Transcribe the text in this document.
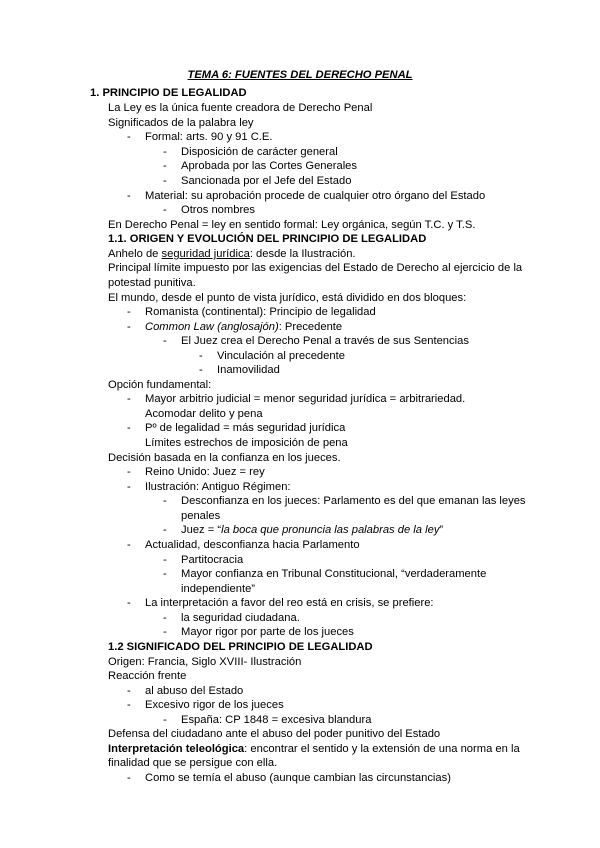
TEMA 6: FUENTES DEL DERECHO PENAL
1. PRINCIPIO DE LEGALIDAD
La Ley es la única fuente creadora de Derecho Penal
Significados de la palabra ley
- Formal: arts. 90 y 91 C.E.
- Disposición de carácter general
- Aprobada por las Cortes Generales
- Sancionada por el Jefe del Estado
- Material: su aprobación procede de cualquier otro órgano del Estado
- Otros nombres
En Derecho Penal = ley en sentido formal: Ley orgánica, según T.C. y T.S.
1.1. ORIGEN Y EVOLUCIÓN DEL PRINCIPIO DE LEGALIDAD
Anhelo de seguridad jurídica: desde la Ilustración.
Principal límite impuesto por las exigencias del Estado de Derecho al ejercicio de la
potestad punitiva.
El mundo, desde el punto de vista jurídico, está dividido en dos bloques:
- Romanista (continental): Principio de legalidad
- Common Law (anglosajón): Precedente
- El Juez crea el Derecho Penal a través de sus Sentencias
- Vinculación al precedente
- Inamovilidad
Opción fundamental:
- Mayor arbitrio judicial = menor seguridad jurídica = arbitrariedad.
Acomodar delito y pena
- Pº de legalidad = más seguridad jurídica
Límites estrechos de imposición de pena
Decisión basada en la confianza en los jueces.
- Reino Unido: Juez = rey
- Ilustración: Antiguo Régimen:
- Desconfianza en los jueces: Parlamento es del que emanan las leyes
penales
- Juez = “la boca que pronuncia las palabras de la ley”
- Actualidad, desconfianza hacia Parlamento
- Partitocracia
- Mayor confianza en Tribunal Constitucional, “verdaderamente
independiente”
- La interpretación a favor del reo está en crisis, se prefiere:
- la seguridad ciudadana.
- Mayor rigor por parte de los jueces
1.2 SIGNIFICADO DEL PRINCIPIO DE LEGALIDAD
Origen: Francia, Siglo XVIII- Ilustración
Reacción frente
- al abuso del Estado
- Excesivo rigor de los jueces
- España: CP 1848 = excesiva blandura
Defensa del ciudadano ante el abuso del poder punitivo del Estado
Interpretación teleológica: encontrar el sentido y la extensión de una norma en la
finalidad que se persigue con ella.
- Como se temía el abuso (aunque cambian las circunstancias)
